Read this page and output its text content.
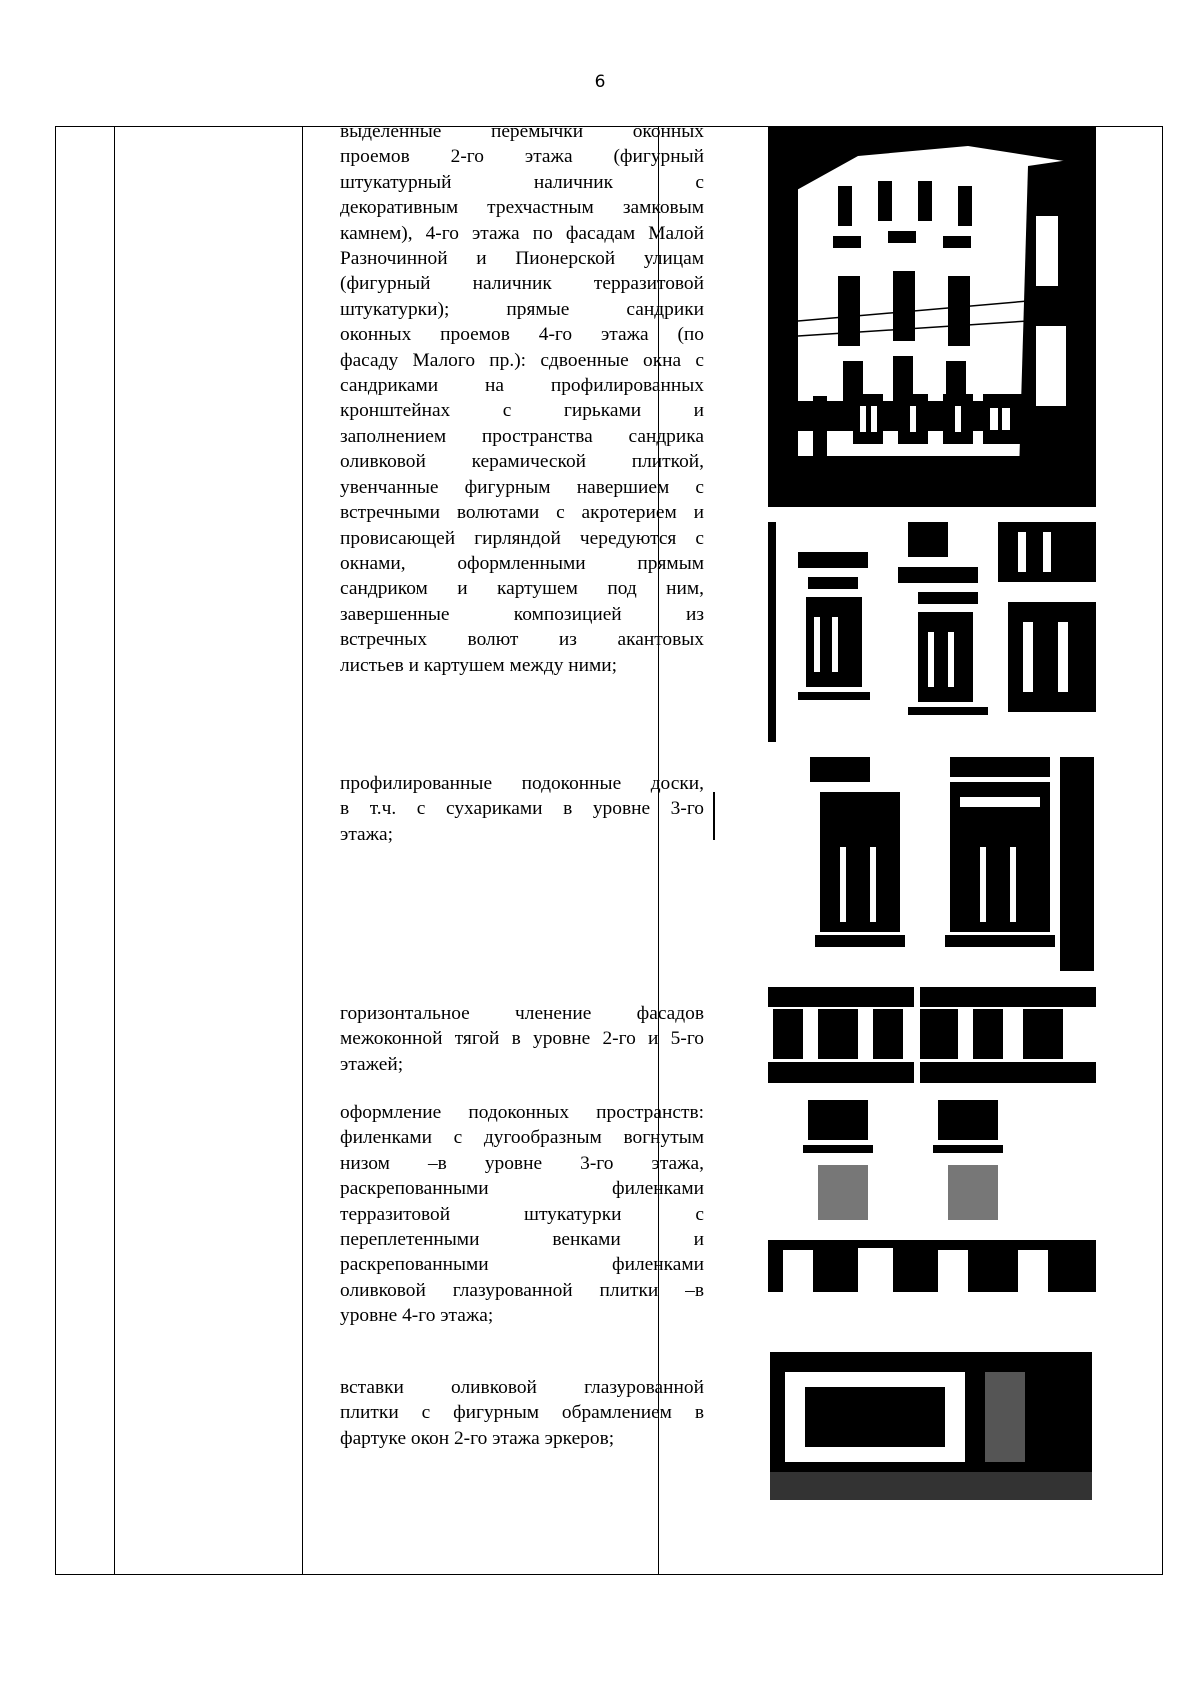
6
выделенные перемычки оконных
проемов 2-го этажа (фигурный
штукатурный наличник с
декоративным трехчастным замковым
камнем), 4-го этажа по фасадам Малой
Разночинной и Пионерской улицам
(фигурный наличник терразитовой
штукатурки); прямые сандрики
оконных проемов 4-го этажа (по
фасаду Малого пр.): сдвоенные окна с
сандриками на профилированных
кронштейнах с гирьками и
заполнением пространства сандрика
оливковой керамической плиткой,
увенчанные фигурным навершием с
встречными волютами с акротерием и
провисающей гирляндой чередуются с
окнами, оформленными прямым
сандриком и картушем под ним,
завершенные композицией из
встречных волют из акантовых
листьев и картушем между ними;
профилированные подоконные доски,
в т.ч. с сухариками в уровне 3-го
этажа;
горизонтальное членение фасадов
межоконной тягой в уровне 2-го и 5-го
этажей;
оформление подоконных пространств:
филенками с дугообразным вогнутым
низом –в уровне 3-го этажа,
раскрепованными филенками
терразитовой штукатурки с
переплетенными венками и
раскрепованными филенками
оливковой глазурованной плитки –в
уровне 4-го этажа;
вставки оливковой глазурованной
плитки с фигурным обрамлением в
фартуке окон 2-го этажа эркеров;
